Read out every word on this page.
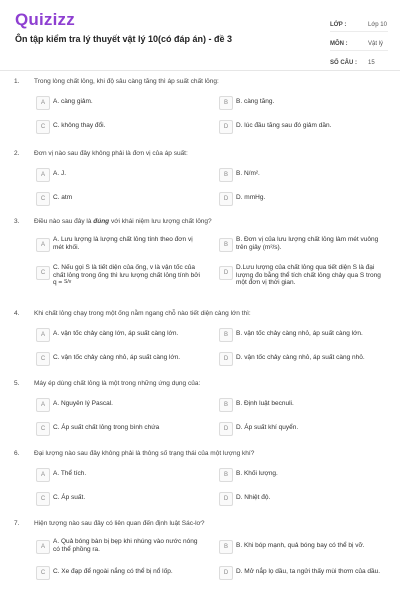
Quizizz
Ôn tập kiểm tra lý thuyết vật lý 10(có đáp án) - đề 3
LỚP :	Lớp 10
MÔN :	Vật lý
SỐ CÂU : 15
1. Trong lòng chất lỏng, khi độ sâu càng tăng thì áp suất chất lỏng:
A	A. càng giảm.	B	B. càng tăng.
C	C. không thay đổi.	D	D. lúc đầu tăng sau đó giảm dần.
2. Đơn vị nào sau đây không phải là đơn vị của áp suất:
A	A. J.	B	B. N/m².
C	C. atm	D	D. mmHg.
3. Điều nào sau đây là đúng với khái niệm lưu lượng chất lỏng?
A
A. Lưu lượng là lượng chất lỏng tính theo đơn vị mét khối.	B
B. Đơn vị của lưu lượng chất lỏng làm mét vuông trên giây (m²/s).
C
C. Nếu gọi S là tiết diện của ống, v là vận tốc của chất lỏng trong ống thì lưu lượng chất lỏng tính bởi
q = S/v
D
D.Lưu lượng của chất lỏng qua tiết diện S là đại lượng đo bằng thể tích chất lỏng chảy qua S trong một đơn vị thời gian.
4. Khi chất lỏng chạy trong một ống nằm ngang chỗ nào tiết diện càng lớn thì:
A	A. vận tốc chảy càng lớn, áp suất càng lớn.	B	B. vận tốc chảy càng nhỏ, áp suất càng lớn.
C	C. vận tốc chảy càng nhỏ, áp suất càng lớn.	D	D. vận tốc chảy càng nhỏ, áp suất càng nhỏ.
5. Máy ép dùng chất lỏng là một trong những ứng dụng của:
A	A. Nguyên lý Pascal.	B	B. Định luật becnuli.
C	C. Áp suất chất lỏng trong bình chứa	D	D. Áp suất khí quyển.
6. Đại lượng nào sau đây không phải là thông số trạng thái của một lượng khí?
A	A. Thể tích.	B	B. Khối lượng.
C	C. Áp suất.	D	D. Nhiệt độ.
7. Hiện tượng nào sau đây có liên quan đến định luật Sác-lơ?
A
A. Quả bóng bàn bị bẹp khi nhúng vào nước nóng có thể phồng ra.	B	B. Khi bóp mạnh, quả bóng bay có thể bị vỡ.
C	C. Xe đạp để ngoài nắng có thể bị nổ lốp.	D	D. Mở nắp lọ dầu, ta ngửi thấy mùi thơm của dầu.
